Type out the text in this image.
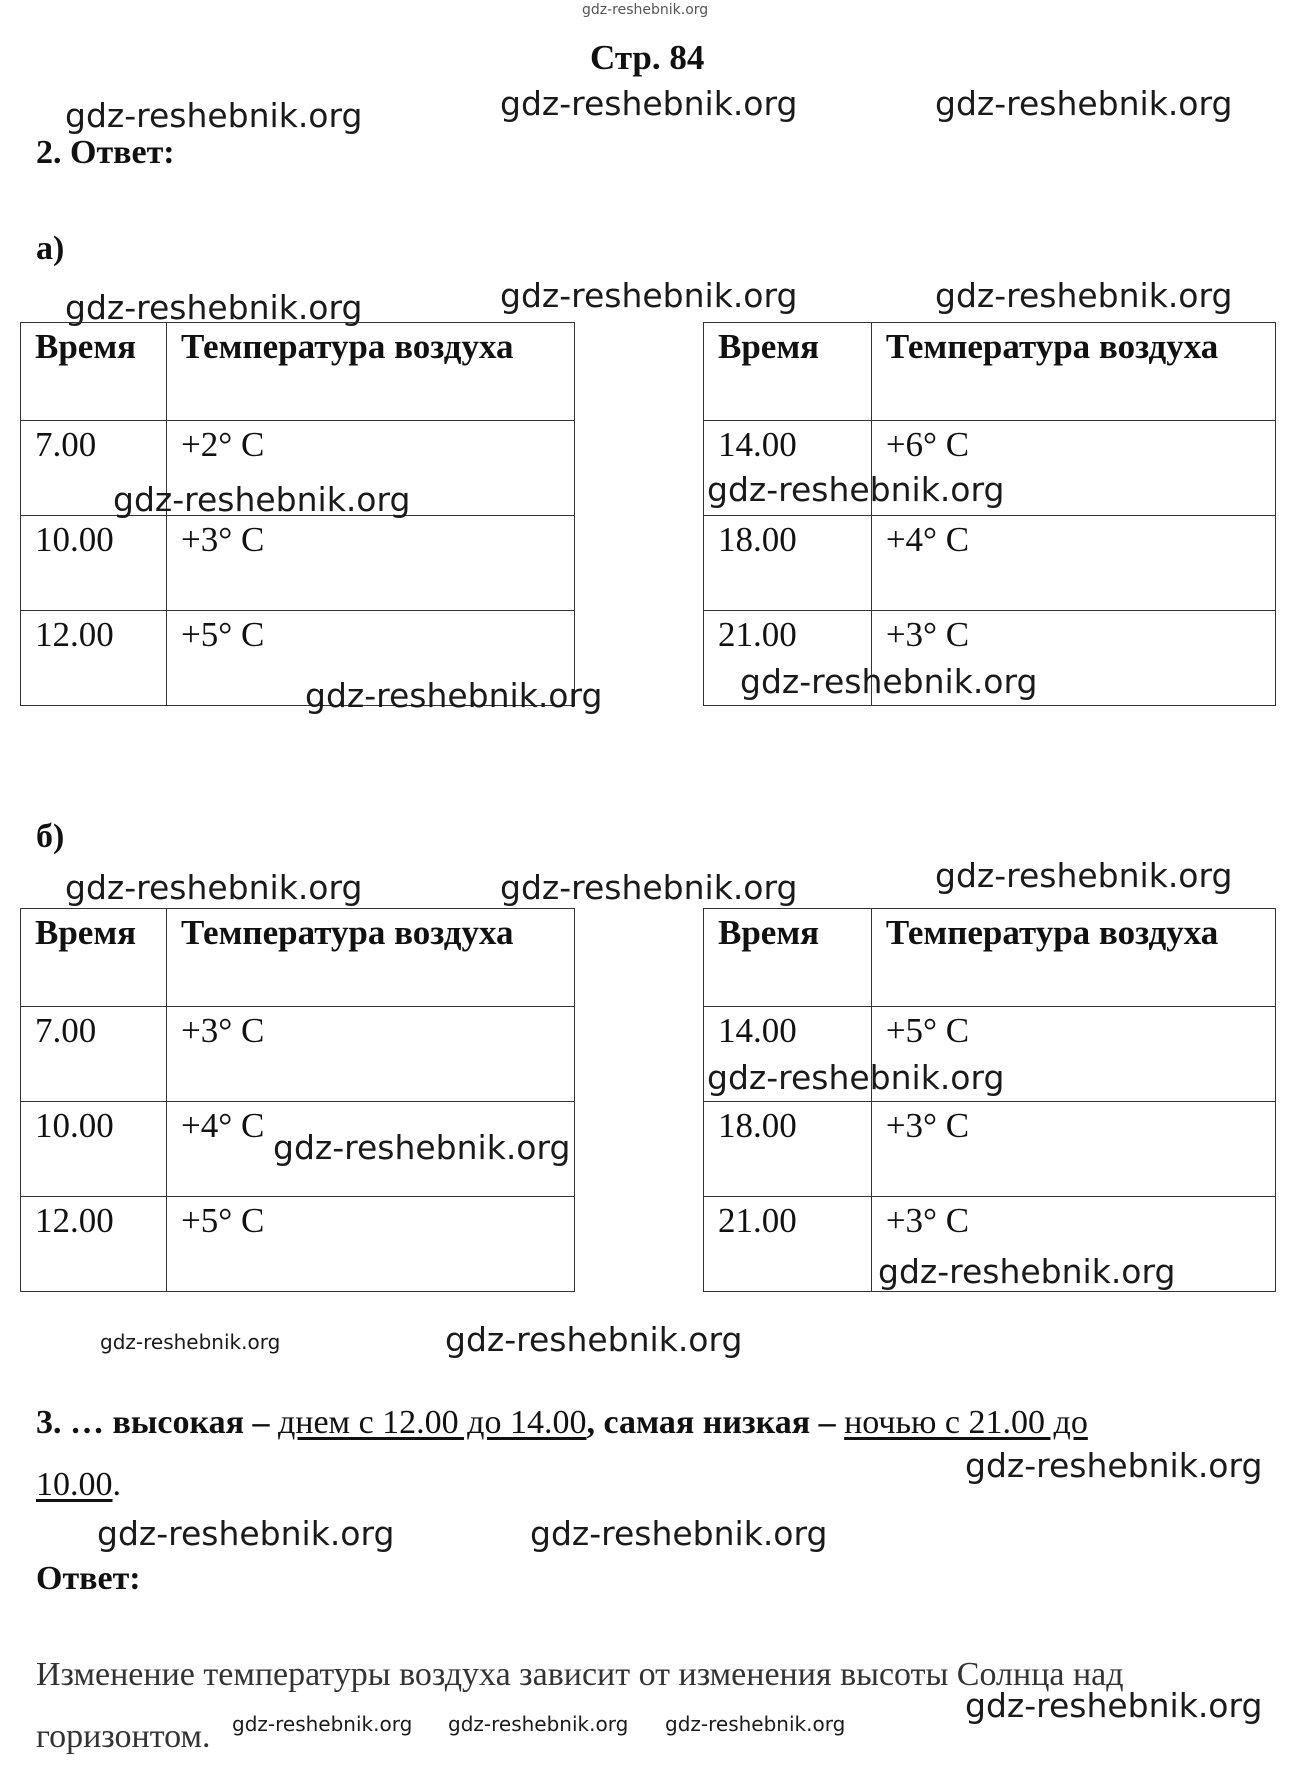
gdz-reshebnik.org
Стр. 84
gdz-reshebnik.org	gdz-reshebnik.org
gdz-reshebnik.org
2. Ответ:
а)
gdz-reshebnik.org	gdz-reshebnik.org
gdz-reshebnik.org
Время	Температура воздуха
7.00	+2° С
10.00	+3° С
12.00	+5° С
Время	Температура воздуха
14.00	+6° С
18.00	+4° С
21.00	+3° С
gdz-reshebnik.org	gdz-reshebnik.org
gdz-reshebnik.org	gdz-reshebnik.org
б)
gdz-reshebnik.org
gdz-reshebnik.org	gdz-reshebnik.org
Время	Температура воздуха
7.00	+3° С
10.00	+4° С
12.00	+5° С
Время	Температура воздуха
14.00	+5° С
18.00	+3° С
21.00	+3° С
gdz-reshebnik.org
gdz-reshebnik.org
gdz-reshebnik.org
gdz-reshebnik.org	gdz-reshebnik.org
3. … высокая – днем с 12.00 до 14.00, самая низкая – ночью с 21.00 до
gdz-reshebnik.org
10.00.
gdz-reshebnik.org	gdz-reshebnik.org
Ответ:
Изменение температуры воздуха зависит от изменения высоты Солнца над
gdz-reshebnik.org
горизонтом. gdz-reshebnik.org gdz-reshebnik.org gdz-reshebnik.org
